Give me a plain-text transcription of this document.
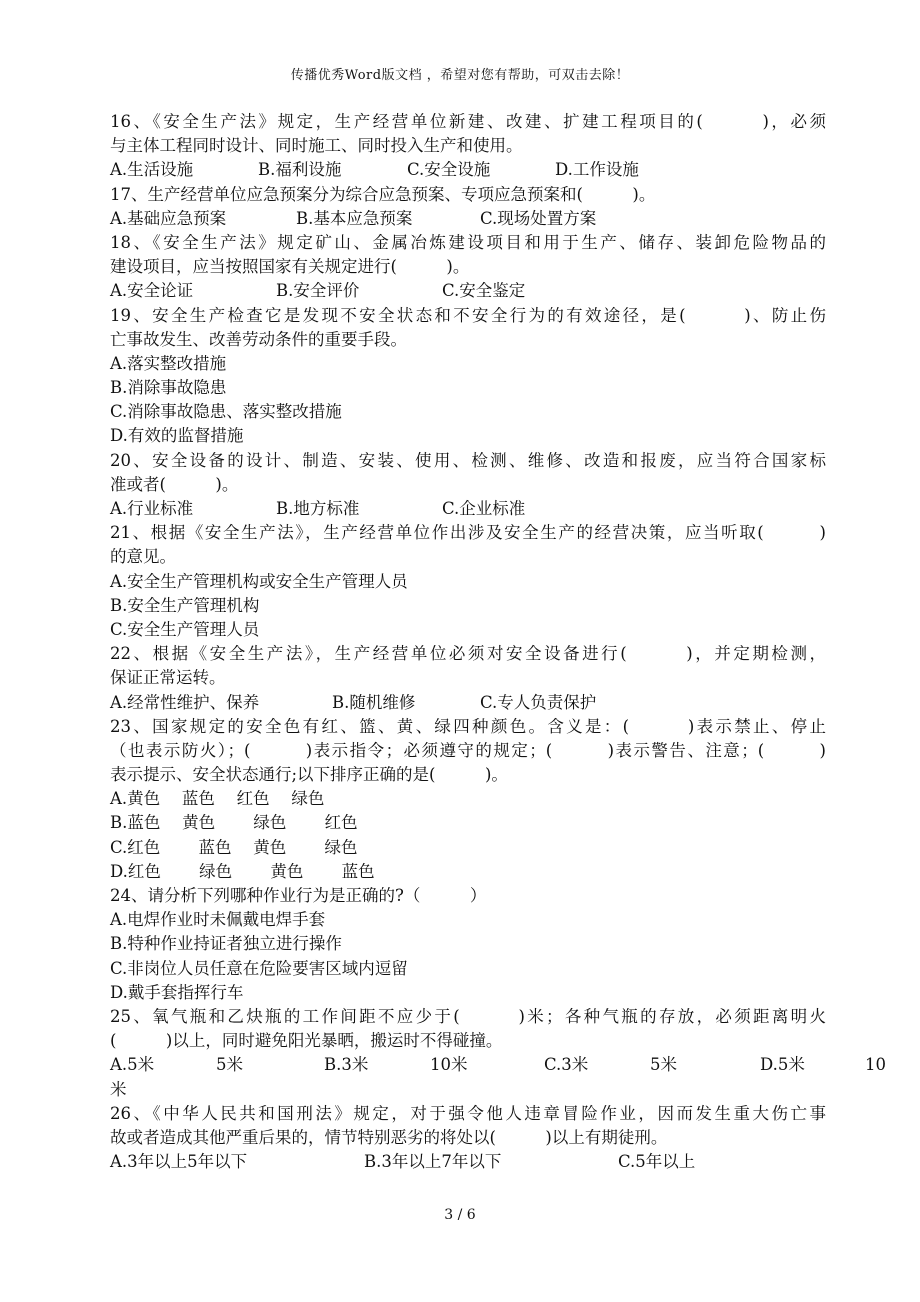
传播优秀Word版文档 ，希望对您有帮助，可双击去除！
16、《安全生产法》规定，生产经营单位新建、改建、扩建工程项目的(　　　)，必须
与主体工程同时设计、同时施工、同时投入生产和使用。

A.生活设施

	B.福利设施

	C.安全设施

	D.工作设施

17、生产经营单位应急预案分为综合应急预案、专项应急预案和(　　　)。

A.基础应急预案

	B.基本应急预案

	C.现场处置方案

18、《安全生产法》规定矿山、金属冶炼建设项目和用于生产、储存、装卸危险物品的
建设项目，应当按照国家有关规定进行(　　　)。

A.安全论证

	B.安全评价

	C.安全鉴定

19、安全生产检查它是发现不安全状态和不安全行为的有效途径，是(　　　)、防止伤
亡事故发生、改善劳动条件的重要手段。
A.落实整改措施
B.消除事故隐患
C.消除事故隐患、落实整改措施
D.有效的监督措施
20、安全设备的设计、制造、安装、使用、检测、维修、改造和报废，应当符合国家标
准或者(　　　)。

A.行业标准

	B.地方标准

	C.企业标准

21、根据《安全生产法》，生产经营单位作出涉及安全生产的经营决策，应当听取(　　　)
的意见。
A.安全生产管理机构或安全生产管理人员
B.安全生产管理机构
C.安全生产管理人员
22、根据《安全生产法》，生产经营单位必须对安全设备进行(　　　)，并定期检测，
保证正常运转。

A.经常性维护、保养

	B.随机维修

	C.专人负责保护

23、国家规定的安全色有红、篮、黄、绿四种颜色。含义是：(　　　)表示禁止、停止
（也表示防火）；(　　　)表示指令；必须遵守的规定；(　　　)表示警告、注意；(　　　)
表示提示、安全状态通行;以下排序正确的是(　　　)。
A.黄色　 蓝色　 红色　 绿色
B.蓝色　 黄色　　 绿色　　 红色
C.红色　　 蓝色　 黄色　　 绿色
D.红色　　 绿色　　 黄色　　 蓝色
24、请分析下列哪种作业行为是正确的?（　　　）
A.电焊作业时未佩戴电焊手套
B.特种作业持证者独立进行操作
C.非岗位人员任意在危险要害区域内逗留
D.戴手套指挥行车
25、氧气瓶和乙炔瓶的工作间距不应少于(　　　)米；各种气瓶的存放，必须距离明火
(　　　)以上，同时避免阳光暴晒，搬运时不得碰撞。

A.5米

	5米

	B.3米

	10米

	C.3米

	5米

	D.5米

	10

米
26、《中华人民共和国刑法》规定，对于强令他人违章冒险作业，因而发生重大伤亡事
故或者造成其他严重后果的，情节特别恶劣的将处以(　　　)以上有期徒刑。

A.3年以上5年以下

	B.3年以上7年以下

	C.5年以上

3 / 6
